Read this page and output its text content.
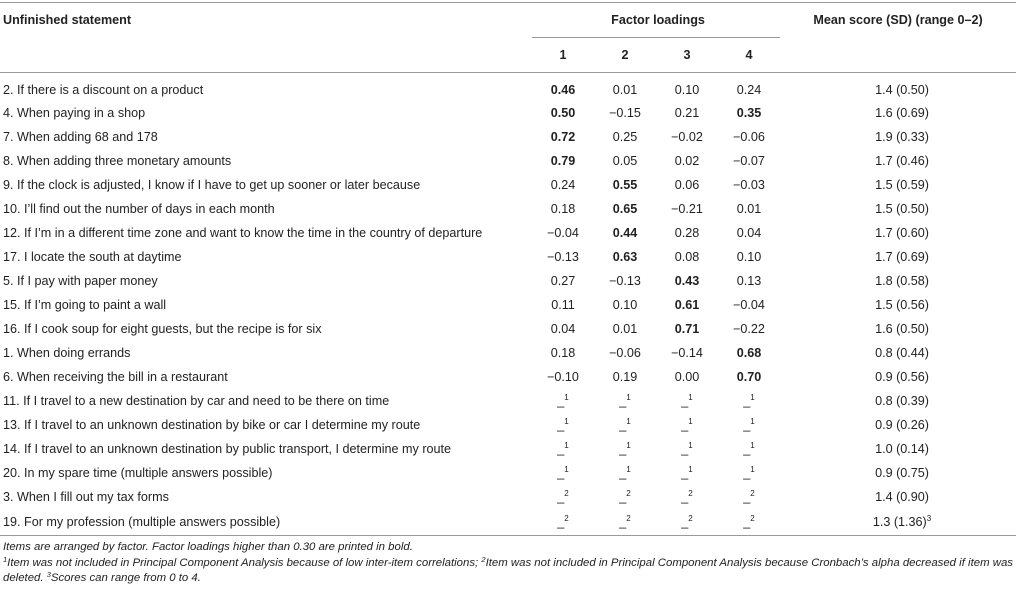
Unfinished statement	Factor loadings				Mean score (SD) (range 0–2)
	1	2	3	4	
2. If there is a discount on a product	0.46	0.01	0.10	0.24	1.4 (0.50)
4. When paying in a shop	0.50	−0.15	0.21	0.35	1.6 (0.69)
7. When adding 68 and 178	0.72	0.25	−0.02	−0.06	1.9 (0.33)
8. When adding three monetary amounts	0.79	0.05	0.02	−0.07	1.7 (0.46)
9. If the clock is adjusted, I know if I have to get up sooner or later because	0.24	0.55	0.06	−0.03	1.5 (0.59)
10. I’ll find out the number of days in each month	0.18	0.65	−0.21	0.01	1.5 (0.50)
12. If I’m in a different time zone and want to know the time in the country of departure	−0.04	0.44	0.28	0.04	1.7 (0.60)
17. I locate the south at daytime	−0.13	0.63	0.08	0.10	1.7 (0.69)
5. If I pay with paper money	0.27	−0.13	0.43	0.13	1.8 (0.58)
15. If I’m going to paint a wall	0.11	0.10	0.61	−0.04	1.5 (0.56)
16. If I cook soup for eight guests, but the recipe is for six	0.04	0.01	0.71	−0.22	1.6 (0.50)
1. When doing errands	0.18	−0.06	−0.14	0.68	0.8 (0.44)
6. When receiving the bill in a restaurant	−0.10	0.19	0.00	0.70	0.9 (0.56)
11. If I travel to a new destination by car and need to be there on time	_$^1$	_$^1$	_$^1$	_$^1$	0.8 (0.39)
13. If I travel to an unknown destination by bike or car I determine my route	_$^1$	_$^1$	_$^1$	_$^1$	0.9 (0.26)
14. If I travel to an unknown destination by public transport, I determine my route	_$^1$	_$^1$	_$^1$	_$^1$	1.0 (0.14)
20. In my spare time (multiple answers possible)	_$^1$	_$^1$	_$^1$	_$^1$	0.9 (0.75)
3. When I fill out my tax forms	_$^2$	_$^2$	_$^2$	_$^2$	1.4 (0.90)
19. For my profession (multiple answers possible)	_$^2$	_$^2$	_$^2$	_$^2$	1.3 $(1.36)^3$

Items are arranged by factor. Factor loadings higher than 0.30 are printed in bold.

$^1$Item was not included in Principal Component Analysis because of low inter-item correlations; $^2$Item was not included in Principal Component Analysis because Cronbach’s alpha decreased if item was deleted. $^3$Scores can range from 0 to 4.
